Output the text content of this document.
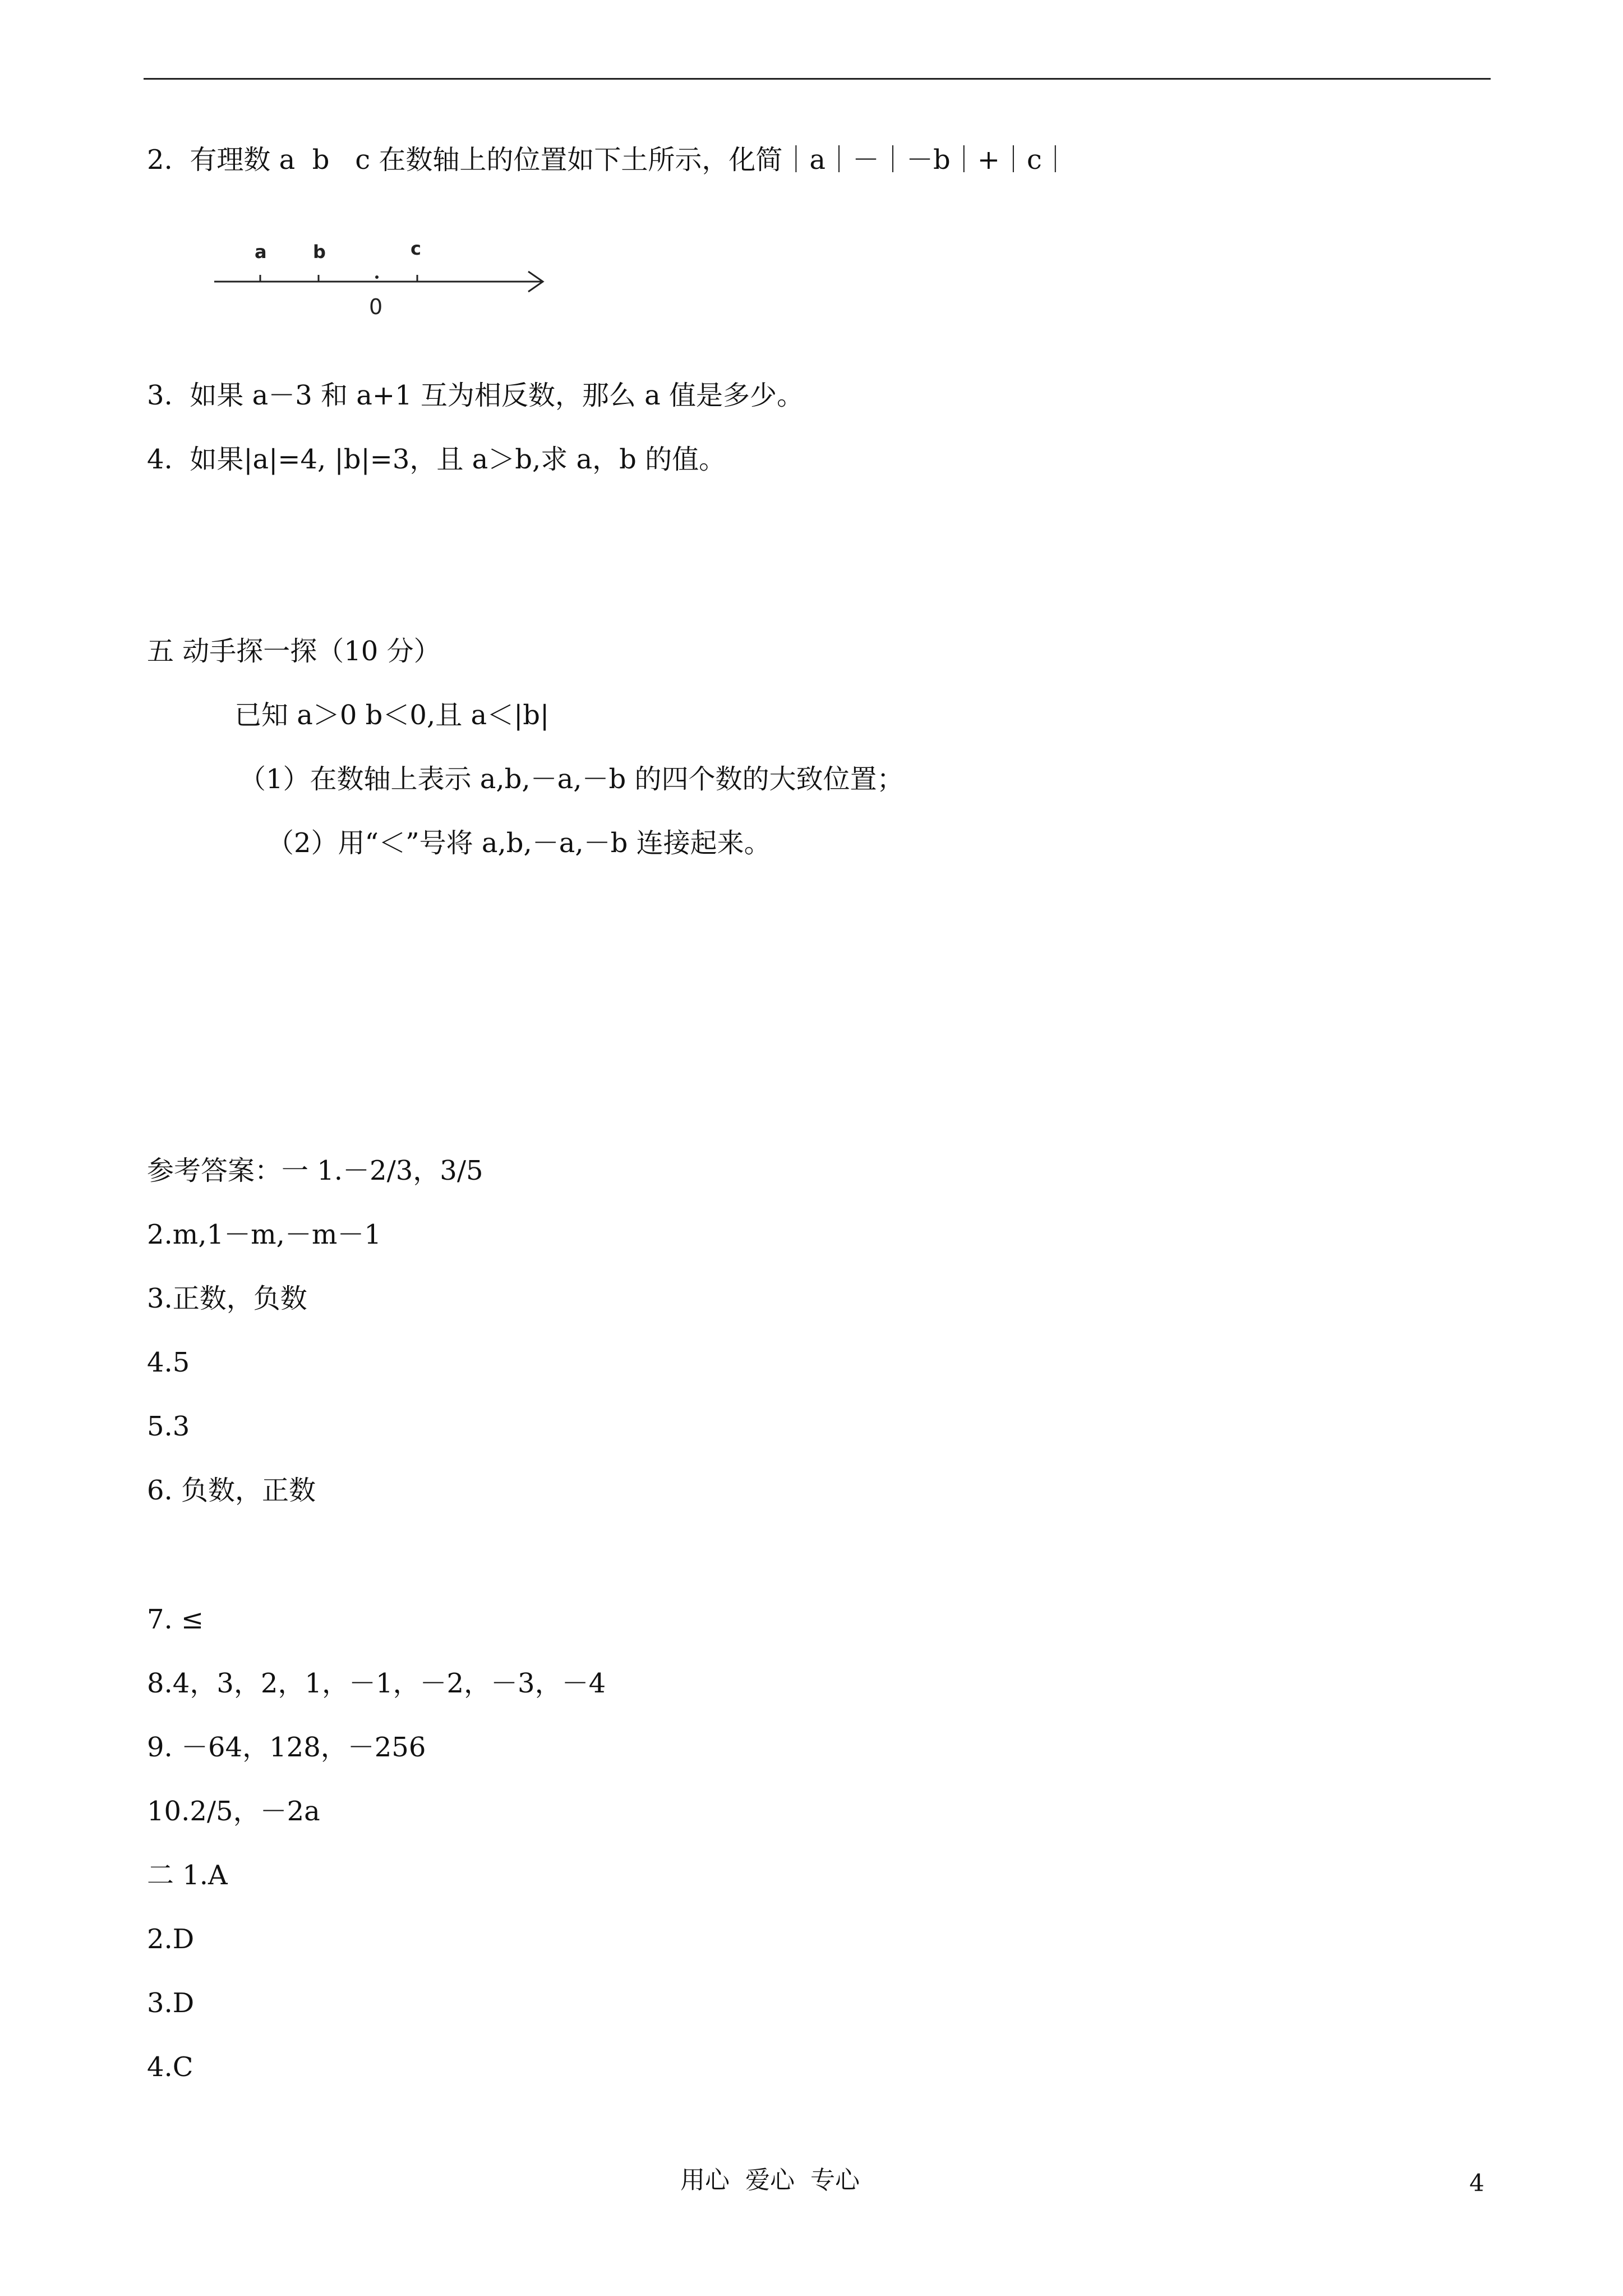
2.  有理数 a  b   c 在数轴上的位置如下土所示，化简｜a｜－｜－b｜+｜c｜

a	b	c
0

3.  如果 a－3 和 a+1 互为相反数，那么 a 值是多少。

4.  如果|a|=4, |b|=3，且 a＞b,求 a，b 的值。

五 动手探一探（10 分）

已知 a＞0 b＜0,且 a＜|b|

（1）在数轴上表示 a,b,－a,－b 的四个数的大致位置；

（2）用“＜”号将 a,b,－a,－b 连接起来。

参考答案：一 1.－2/3，3/5

2.m,1－m,－m－1

3.正数，负数

4.5

5.3

6. 负数，正数

7. ≤

8.4，3，2，1，－1，－2，－3，－4

9. －64，128，－256

10.2/5，－2a

二 1.A

2.D

3.D

4.C

用心  爱心  专心	4
